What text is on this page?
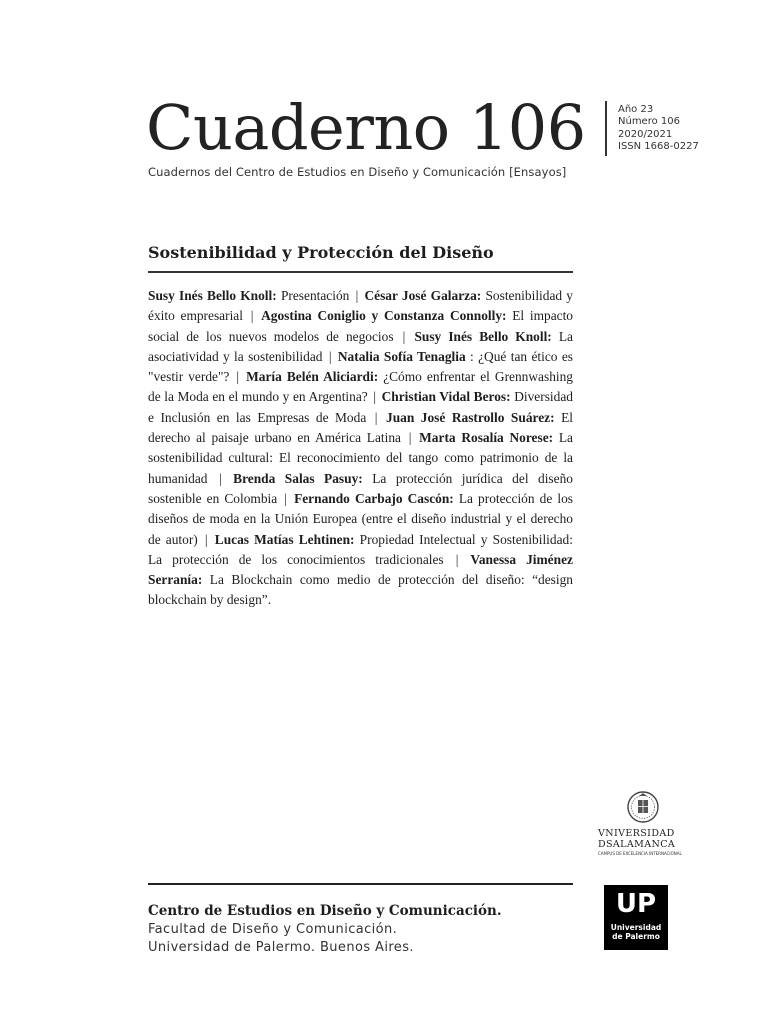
Cuaderno 106
Cuadernos del Centro de Estudios en Diseño y Comunicación [Ensayos]
Año 23
Número 106
2020/2021
ISSN 1668-0227
Sostenibilidad y Protección del Diseño
Susy Inés Bello Knoll: Presentación | César José Galarza: Sostenibilidad y éxito empresarial | Agostina Coniglio y Constanza Connolly: El impacto social de los nuevos modelos de negocios | Susy Inés Bello Knoll: La asociatividad y la sostenibilidad | Natalia Sofía Tenaglia : ¿Qué tan ético es "vestir verde"? | María Belén Aliciardi: ¿Cómo enfrentar el Grennwashing de la Moda en el mundo y en Argentina? | Christian Vidal Beros: Diversidad e Inclusión en las Empresas de Moda | Juan José Rastrollo Suárez: El derecho al paisaje urbano en América Latina | Marta Rosalía Norese: La sostenibilidad cultural: El reconocimiento del tango como patrimonio de la humanidad | Brenda Salas Pasuy: La protección jurídica del diseño sostenible en Colombia | Fernando Carbajo Cascón: La protección de los diseños de moda en la Unión Europea (entre el diseño industrial y el derecho de autor) | Lucas Matías Lehtinen: Propiedad Intelectual y Sostenibilidad: La protección de los conocimientos tradicionales | Vanessa Jiménez Serranía: La Blockchain como medio de protección del diseño: “design blockchain by design”.
VNIVERSIDAD
DSALAMANCA
CAMPUS DE EXCELENCIA INTERNACIONAL
Centro de Estudios en Diseño y Comunicación.
Facultad de Diseño y Comunicación.
Universidad de Palermo. Buenos Aires.
UP
Universidad
de Palermo
